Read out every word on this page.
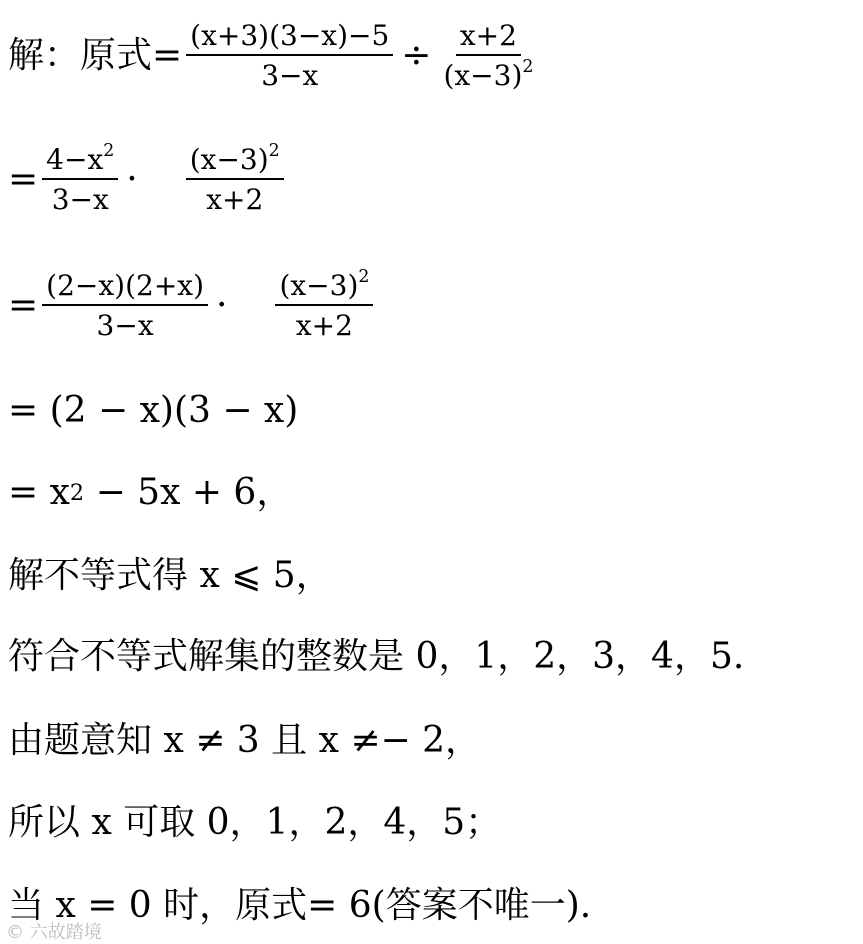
解：原式= $\frac{(x+3)(3-x)-5}{3-x} \div \frac{x+2}{(x-3)^2}$
= $\frac{4-x^2}{3-x} \cdot \frac{(x-3)^2}{x+2}$
= $\frac{(2-x)(2+x)}{3-x} \cdot \frac{(x-3)^2}{x+2}$
= (2 − x)(3 − x)
= x 2 − 5x + 6，
解不等式得 x ⩽ 5，
符合不等式解集的整数是 0，1，2，3，4，5.
由题意知 x ≠ 3 且 x ≠− 2，
所以 x 可取 0，1，2，4，5；
当 x = 0 时，原式= 6(答案不唯一).
© 六故踏境
